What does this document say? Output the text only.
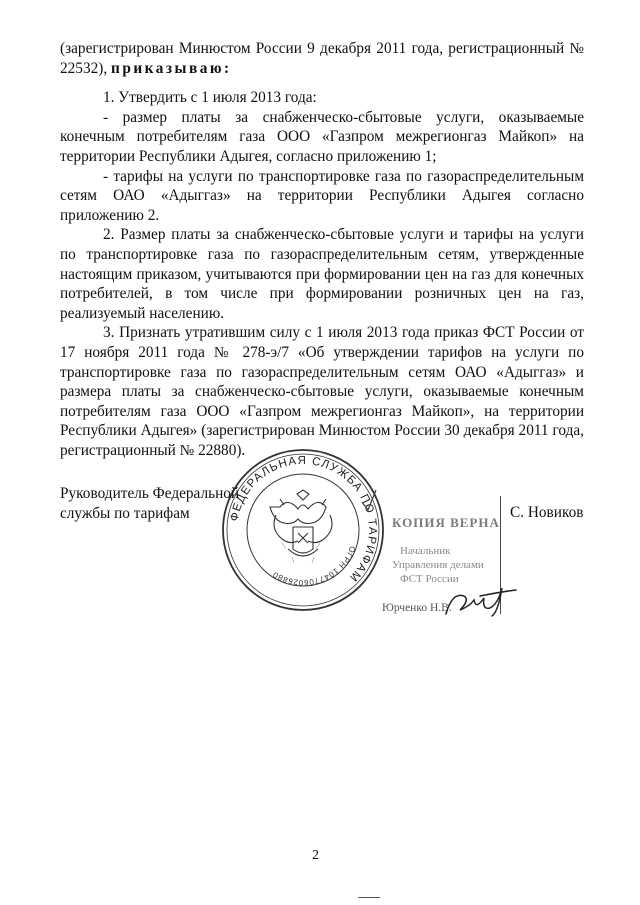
(зарегистрирован Минюстом России 9 декабря 2011 года, регистрационный № 22532), приказываю:

1. Утвердить с 1 июля 2013 года:

- размер платы за снабженческо-сбытовые услуги, оказываемые конечным потребителям газа ООО «Газпром межрегионгаз Майкоп» на территории Республики Адыгея, согласно приложению 1;

- тарифы на услуги по транспортировке газа по газораспределительным сетям ОАО «Адыггаз» на территории Республики Адыгея согласно приложению 2.

2. Размер платы за снабженческо-сбытовые услуги и тарифы на услуги по транспортировке газа по газораспределительным сетям, утвержденные настоящим приказом, учитываются при формировании цен на газ для конечных потребителей, в том числе при формировании розничных цен на газ, реализуемый населению.

3. Признать утратившим силу с 1 июля 2013 года приказ ФСТ России от 17 ноября 2011 года № 278-э/7 «Об утверждении тарифов на услуги по транспортировке газа по газораспределительным сетям ОАО «Адыггаз» и размера платы за снабженческо-сбытовые услуги, оказываемые конечным потребителям газа ООО «Газпром межрегионгаз Майкоп», на территории Республики Адыгея» (зарегистрирован Минюстом России 30 декабря 2011 года, регистрационный № 22880).

ФЕДЕРАЛЬНАЯ СЛУЖБА ПО ТАРИФАМ
ОГРН 1047706026880
Руководитель Федеральной
службы по тарифам
КОПИЯ ВЕРНА
Начальник
Управления делами
ФСТ России
Юрченко Н.В.
С. Новиков
2
